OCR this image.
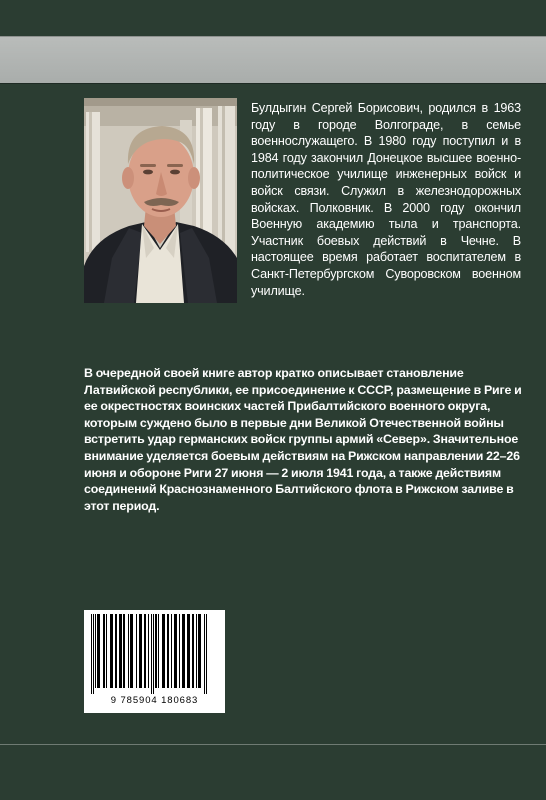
Булдыгин Сергей Борисович, родился в 1963 году в городе Волгограде, в семье военнослужащего. В 1980 году поступил и в 1984 году закончил Донецкое высшее военно-политическое училище инженерных войск и войск связи. Служил в железнодорожных войсках. Полковник. В 2000 году окончил Военную академию тыла и транспорта. Участник боевых действий в Чечне. В настоящее время работает воспитателем в Санкт-Петербургском Суворовском военном училище.

В очередной своей книге автор кратко описывает становление Латвийской республики, ее присоединение к СССР, размещение в Риге и ее окрестностях воинских частей Прибалтийского военного округа, которым суждено было в первые дни Великой Отечественной войны встретить удар германских войск группы армий «Север». Значительное внимание уделяется боевым действиям на Рижском направлении 22–26 июня и обороне Риги 27 июня — 2 июля 1941 года, а также действиям соединений Краснознаменного Балтийского флота в Рижском заливе в этот период.

9 785904 180683
